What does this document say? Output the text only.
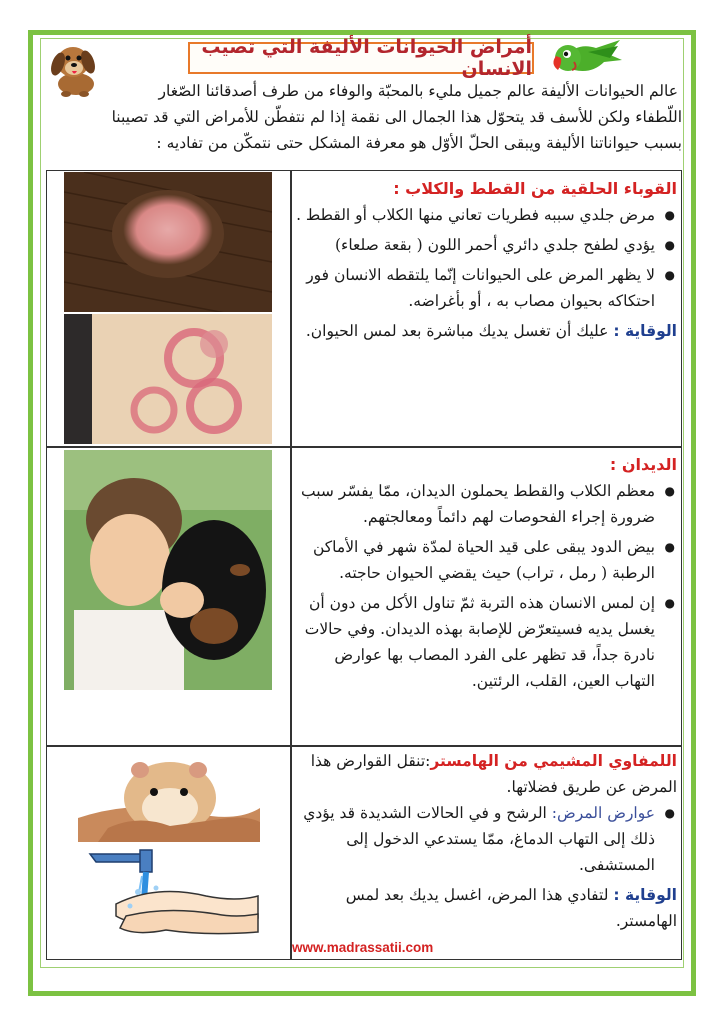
أمراض الحيوانات الأليفة التي تصيب الانسان
عالم الحيوانات الأليفة عالم جميل مليء بالمحبّة والوفاء من طرف أصدقائنا الصّغار
اللّطفاء ولكن للأسف قد يتحوّل هذا الجمال الى نقمة إذا لم نتفطّن للأمراض التي قد تصيبنا
بسبب حيواناتنا الأليفة ويبقى الحلّ الأوّل هو معرفة المشكل حتى نتمكّن من تفاديه :
القوباء الحلقية من القطط والكلاب :
● مرض جلدي سببه فطريات تعاني منها الكلاب أو القطط .
● يؤدي لطفح جلدي دائري أحمر اللون ( بقعة صلعاء)
● لا يظهر المرض على الحيوانات إنّما يلتقطه الانسان فور احتكاكه بحيوان مصاب به ، أو بأغراضه.
الوقاية : عليك أن تغسل يديك مباشرة بعد لمس الحيوان.
الديدان :
● معظم الكلاب والقطط يحملون الديدان، ممّا يفسّر سبب ضرورة إجراء الفحوصات لهم دائماً ومعالجتهم.
● بيض الدود يبقى على قيد الحياة لمدّة شهر في الأماكن الرطبة ( رمل ، تراب) حيث يقضي الحيوان حاجته.
● إن لمس الانسان هذه التربة ثمّ تناول الأكل من دون أن يغسل يديه فسيتعرّض للإصابة بهذه الديدان. وفي حالات نادرة جداً، قد تظهر على الفرد المصاب بها عوارض التهاب العين، القلب، الرئتين.
اللمفاوي المشيمي من الهامستر:تنقل القوارض هذا المرض عن طريق فضلاتها.
● عوارض المرض: الرشح و في الحالات الشديدة قد يؤدي ذلك إلى التهاب الدماغ، ممّا يستدعي الدخول إلى المستشفى.
الوقاية : لتفادي هذا المرض، اغسل يديك بعد لمس الهامستر.
www.madrassatii.com
